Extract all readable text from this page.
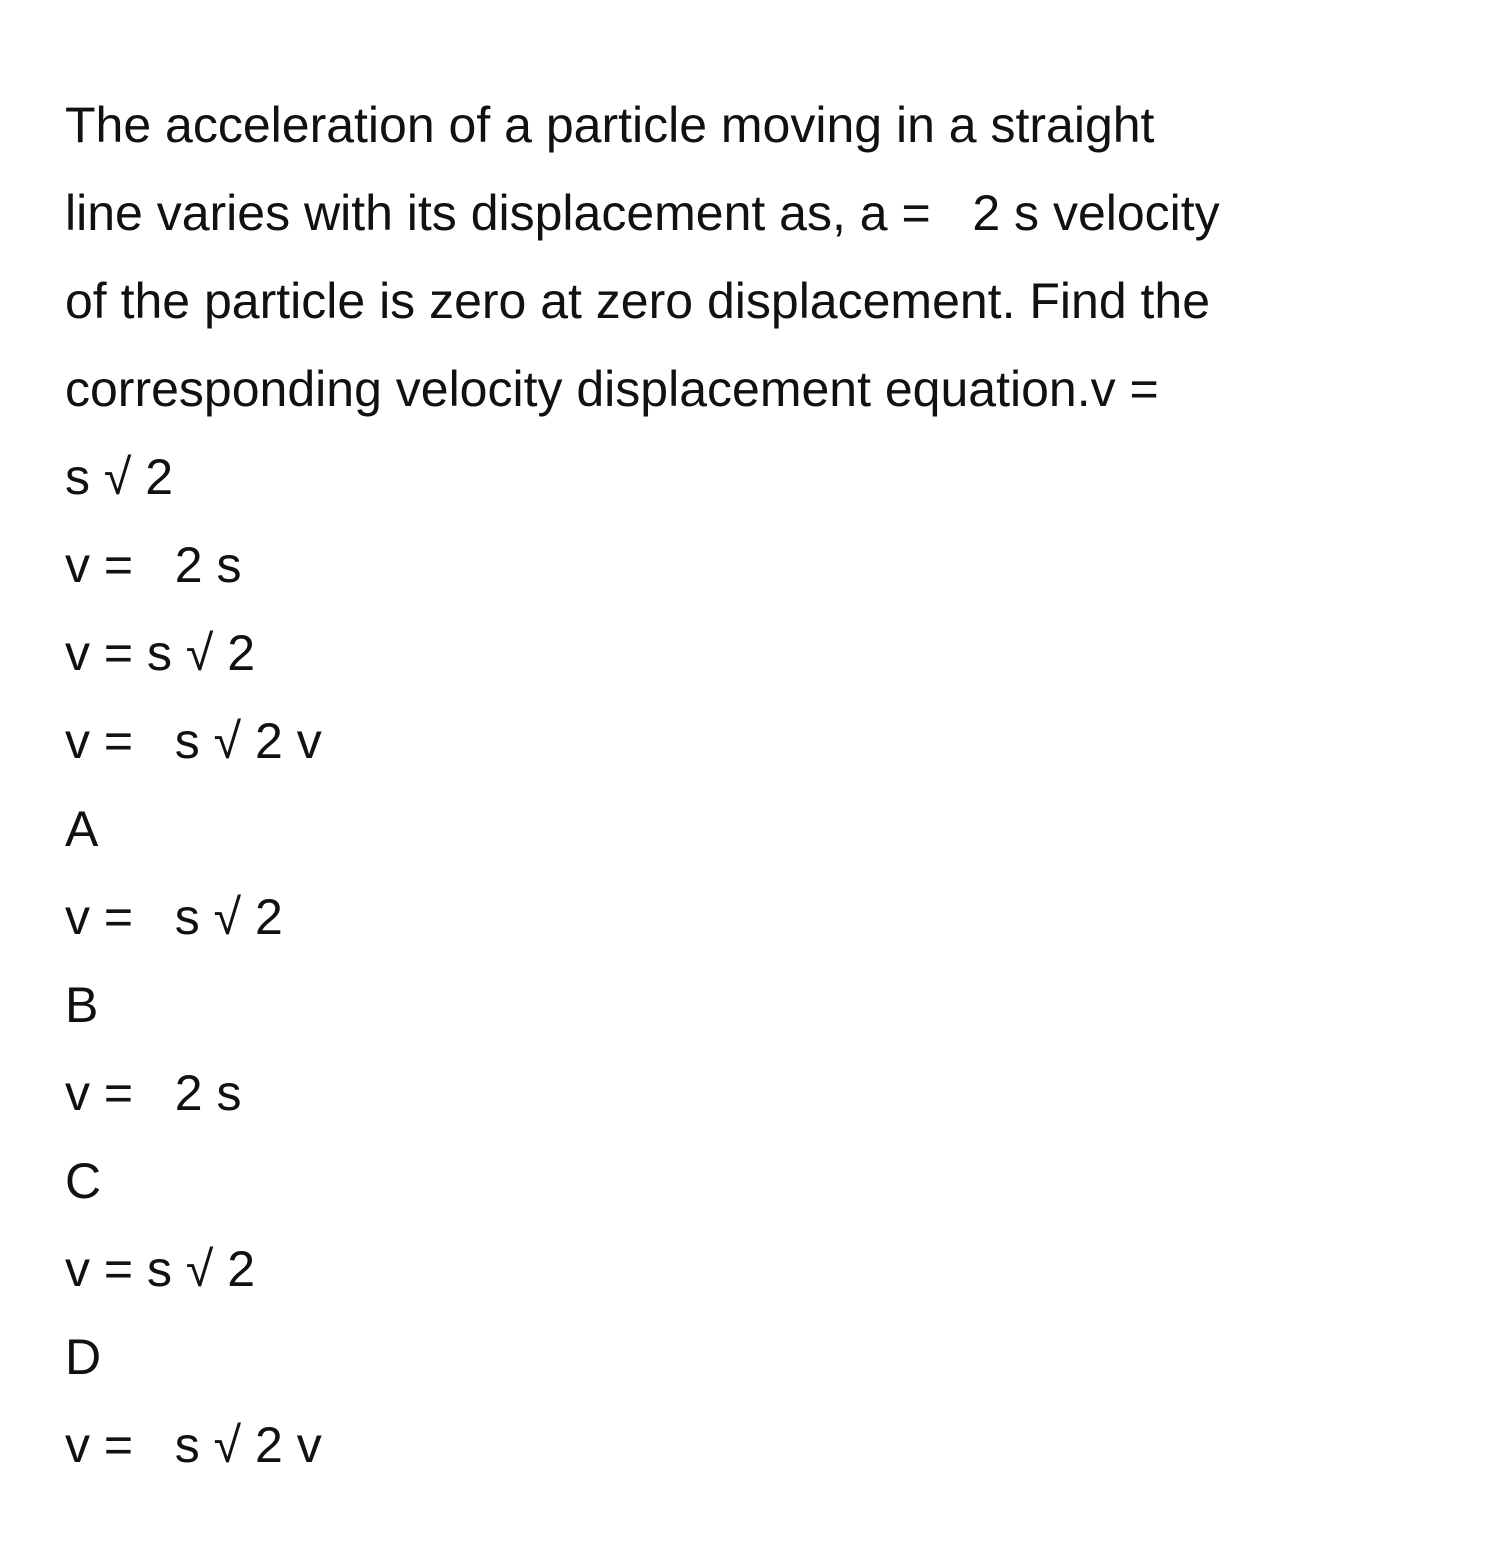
The acceleration of a particle moving in a straight
line varies with its displacement as, a =   2 s velocity
of the particle is zero at zero displacement. Find the
corresponding velocity displacement equation.v =
s √ 2
v =   2 s
v = s √ 2
v =   s √ 2 v
A
v =   s √ 2
B
v =   2 s
C
v = s √ 2
D
v =   s √ 2 v
